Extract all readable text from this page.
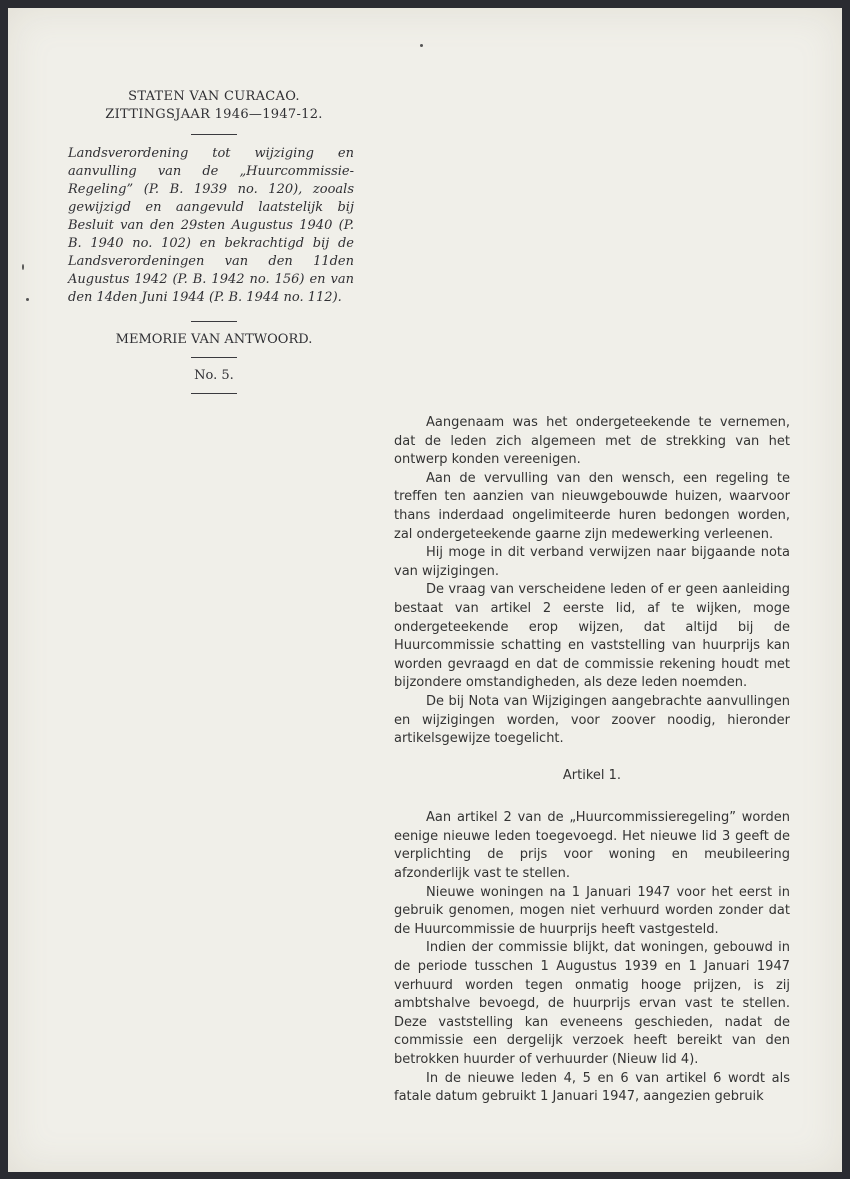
STATEN VAN CURACAO.
ZITTINGSJAAR 1946—1947-12.
Landsverordening tot wijziging en aanvulling van de „Huurcommissie-Regeling” (P. B. 1939 no. 120), zooals gewijzigd en aangevuld laatstelijk bij Besluit van den 29sten Augustus 1940 (P. B. 1940 no. 102) en bekrachtigd bij de Landsverordeningen van den 11den Augustus 1942 (P. B. 1942 no. 156) en van den 14den Juni 1944 (P. B. 1944 no. 112).
MEMORIE VAN ANTWOORD.
No. 5.

Aangenaam was het ondergeteekende te vernemen, dat de leden zich algemeen met de strekking van het ontwerp konden vereenigen.

Aan de vervulling van den wensch, een regeling te treffen ten aanzien van nieuwgebouwde huizen, waarvoor thans inderdaad ongelimiteerde huren bedongen worden, zal ondergeteekende gaarne zijn medewerking verleenen.

Hij moge in dit verband verwijzen naar bijgaande nota van wijzigingen.

De vraag van verscheidene leden of er geen aanleiding bestaat van artikel 2 eerste lid, af te wijken, moge ondergeteekende erop wijzen, dat altijd bij de Huurcommissie schatting en vaststelling van huurprijs kan worden gevraagd en dat de commissie rekening houdt met bijzondere omstandigheden, als deze leden noemden.

De bij Nota van Wijzigingen aangebrachte aanvullingen en wijzigingen worden, voor zoover noodig, hieronder artikelsgewijze toegelicht.

Artikel 1.

Aan artikel 2 van de „Huurcommissieregeling” worden eenige nieuwe leden toegevoegd. Het nieuwe lid 3 geeft de verplichting de prijs voor woning en meubileering afzonderlijk vast te stellen.

Nieuwe woningen na 1 Januari 1947 voor het eerst in gebruik genomen, mogen niet verhuurd worden zonder dat de Huurcommissie de huurprijs heeft vastgesteld.

Indien der commissie blijkt, dat woningen, gebouwd in de periode tusschen 1 Augustus 1939 en 1 Januari 1947 verhuurd worden tegen onmatig hooge prijzen, is zij ambtshalve bevoegd, de huurprijs ervan vast te stellen. Deze vaststelling kan eveneens geschieden, nadat de commissie een dergelijk verzoek heeft bereikt van den betrokken huurder of verhuurder (Nieuw lid 4).

In de nieuwe leden 4, 5 en 6 van artikel 6 wordt als fatale datum gebruikt 1 Januari 1947, aangezien gebruik
